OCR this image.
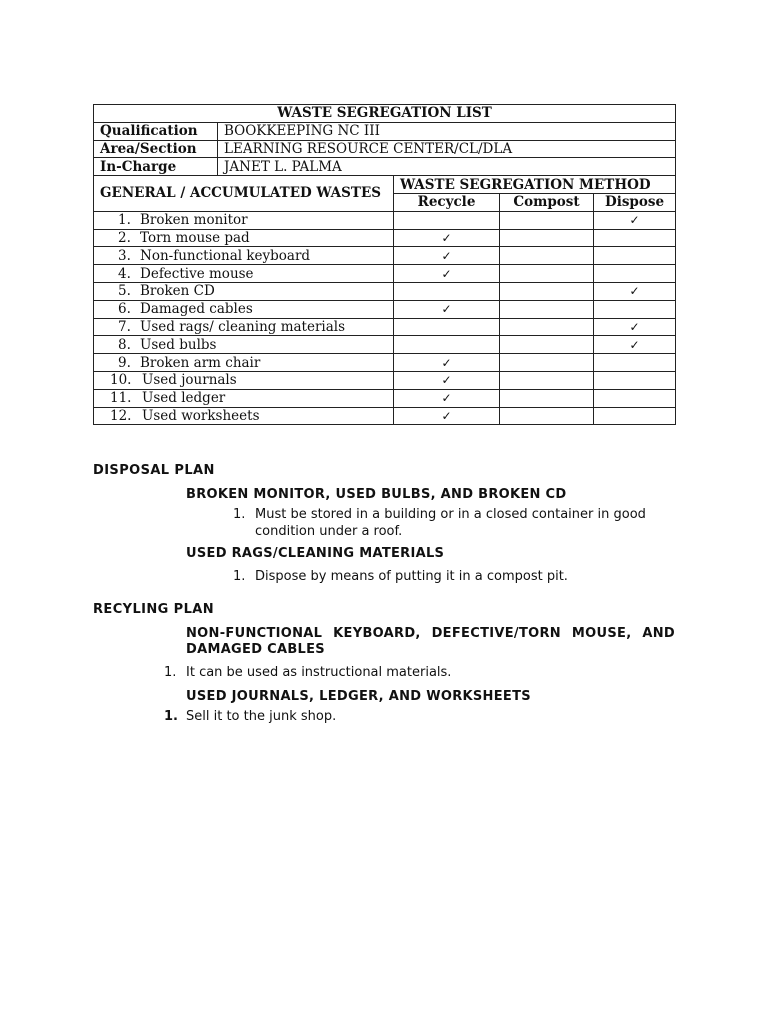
WASTE SEGREGATION LIST				
Qualification	BOOKKEEPING NC III			
Area/Section	LEARNING RESOURCE CENTER/CL/DLA			
In-Charge	JANET L. PALMA			
GENERAL / ACCUMULATED WASTES		WASTE SEGREGATION METHOD		
		Recycle	Compost	Dispose
1. Broken monitor				✓
2. Torn mouse pad		✓		
3. Non-functional keyboard		✓		
4. Defective mouse		✓		
5. Broken CD				✓
6. Damaged cables		✓		
7. Used rags/ cleaning materials				✓
8. Used bulbs				✓
9. Broken arm chair		✓		
10. Used journals		✓		
11. Used ledger		✓		
12. Used worksheets		✓		
DISPOSAL PLAN
BROKEN MONITOR, USED BULBS, AND BROKEN CD
1. Must be stored in a building or in a closed container in good
condition under a roof.
USED RAGS/CLEANING MATERIALS
1. Dispose by means of putting it in a compost pit.
RECYLING PLAN
NON-FUNCTIONAL KEYBOARD, DEFECTIVE/TORN MOUSE, AND
DAMAGED CABLES
1. It can be used as instructional materials.
USED JOURNALS, LEDGER, AND WORKSHEETS
1. Sell it to the junk shop.
